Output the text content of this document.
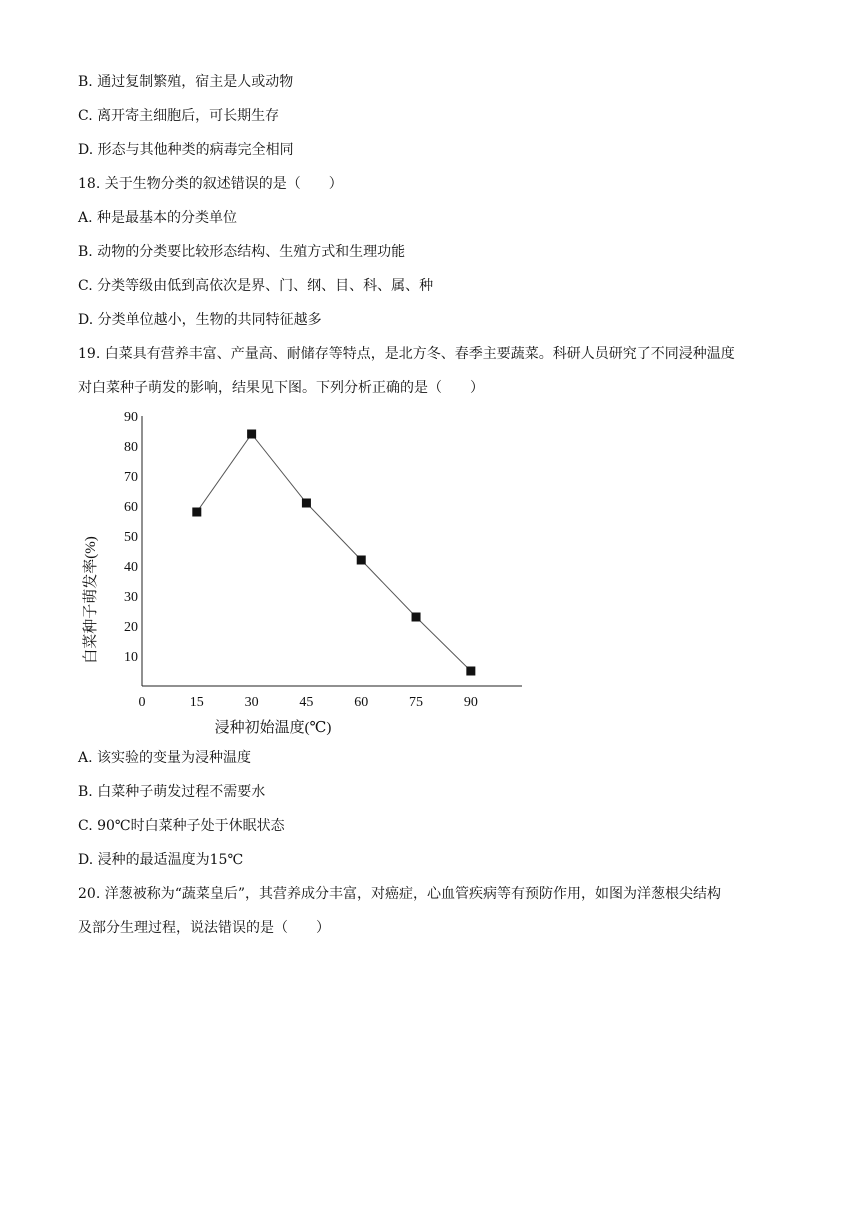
B. 通过复制繁殖，宿主是人或动物
C. 离开寄主细胞后，可长期生存
D. 形态与其他种类的病毒完全相同
18. 关于生物分类的叙述错误的是（　　）
A. 种是最基本的分类单位
B. 动物的分类要比较形态结构、生殖方式和生理功能
C. 分类等级由低到高依次是界、门、纲、目、科、属、种
D. 分类单位越小，生物的共同特征越多
19. 白菜具有营养丰富、产量高、耐储存等特点，是北方冬、春季主要蔬菜。科研人员研究了不同浸种温度
对白菜种子萌发的影响，结果见下图。下列分析正确的是（　　）
10
20
30
40
50
60
70
80
90
0	15	30	45	60	75	90
浸种初始温度(℃)
白菜种子萌发率(%)
A. 该实验的变量为浸种温度
B. 白菜种子萌发过程不需要水
C. 90℃时白菜种子处于休眠状态
D. 浸种的最适温度为15℃
20. 洋葱被称为“蔬菜皇后”，其营养成分丰富，对癌症，心血管疾病等有预防作用，如图为洋葱根尖结构
及部分生理过程，说法错误的是（　　）
